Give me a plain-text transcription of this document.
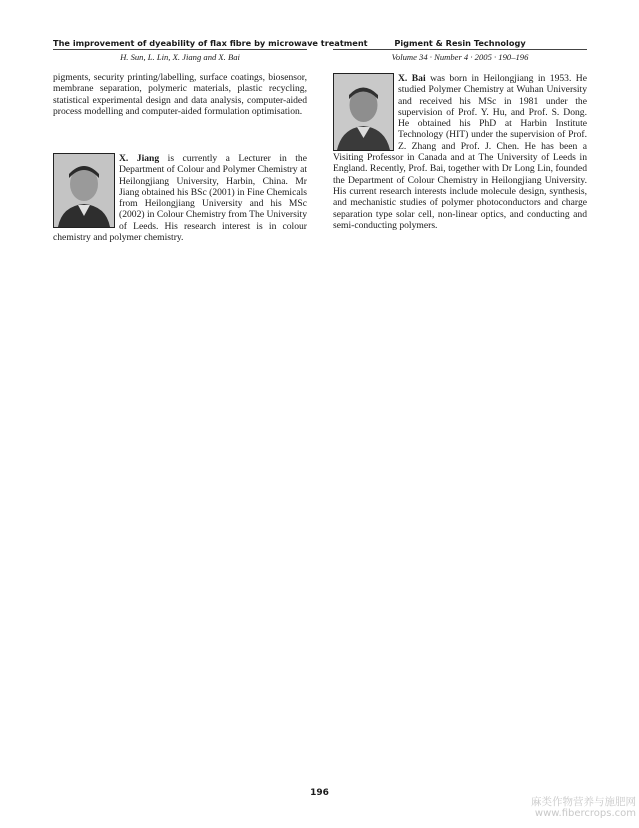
The improvement of dyeability of flax fibre by microwave treatment	Pigment & Resin Technology
H. Sun, L. Lin, X. Jiang and X. Bai	Volume 34 · Number 4 · 2005 · 190–196

pigments, security printing/labelling, surface coatings, biosensor, membrane separation, polymeric materials, plastic recycling, statistical experimental design and data analysis, computer-aided process modelling and computer-aided formulation optimisation.

X. Jiang is currently a Lecturer in the Department of Colour and Polymer Chemistry at Heilongjiang University, Harbin, China. Mr Jiang obtained his BSc (2001) in Fine Chemicals from Heilongjiang University and his MSc (2002) in Colour Chemistry from The University of Leeds. His research interest is in colour chemistry and polymer chemistry.
X. Bai was born in Heilongjiang in 1953. He studied Polymer Chemistry at Wuhan University and received his MSc in 1981 under the supervision of Prof. Y. Hu, and Prof. S. Dong. He obtained his PhD at Harbin Institute Technology (HIT) under the supervision of Prof. Z. Zhang and Prof. J. Chen. He has been a Visiting Professor in Canada and at The University of Leeds in England. Recently, Prof. Bai, together with Dr Long Lin, founded the Department of Colour Chemistry in Heilongjiang University. His current research interests include molecule design, synthesis, and mechanistic studies of polymer photoconductors and charge separation type solar cell, non-linear optics, and conducting and semi-conducting polymers.
196
麻类作物营养与施肥网
www.fibercrops.com
